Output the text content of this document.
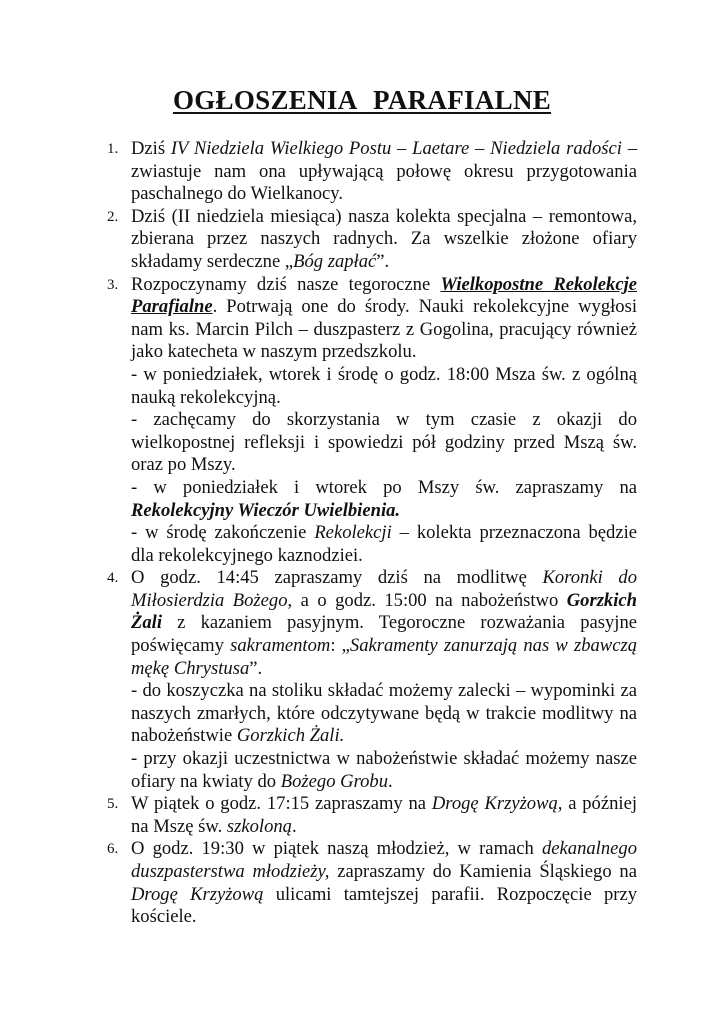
OGŁOSZENIA PARAFIALNE
1. Dziś IV Niedziela Wielkiego Postu – Laetare – Niedziela radości – zwiastuje nam ona upływającą połowę okresu przygotowania paschalnego do Wielkanocy.
2. Dziś (II niedziela miesiąca) nasza kolekta specjalna – remontowa, zbierana przez naszych radnych. Za wszelkie złożone ofiary składamy serdeczne „Bóg zapłać”.
3. Rozpoczynamy dziś nasze tegoroczne Wielkopostne Rekolekcje Parafialne. Potrwają one do środy. Nauki rekolekcyjne wygłosi nam ks. Marcin Pilch – duszpasterz z Gogolina, pracujący również jako katecheta w naszym przedszkolu.
- w poniedziałek, wtorek i środę o godz. 18:00 Msza św. z ogólną nauką rekolekcyjną.
- zachęcamy do skorzystania w tym czasie z okazji do wielkopostnej refleksji i spowiedzi pół godziny przed Mszą św. oraz po Mszy.
- w poniedziałek i wtorek po Mszy św. zapraszamy na Rekolekcyjny Wieczór Uwielbienia.
- w środę zakończenie Rekolekcji – kolekta przeznaczona będzie dla rekolekcyjnego kaznodziei.
4. O godz. 14:45 zapraszamy dziś na modlitwę Koronki do Miłosierdzia Bożego, a o godz. 15:00 na nabożeństwo Gorzkich Żali z kazaniem pasyjnym. Tegoroczne rozważania pasyjne poświęcamy sakramentom: „Sakramenty zanurzają nas w zbawczą mękę Chrystusa”.
- do koszyczka na stoliku składać możemy zalecki – wypominki za naszych zmarłych, które odczytywane będą w trakcie modlitwy na nabożeństwie Gorzkich Żali.
- przy okazji uczestnictwa w nabożeństwie składać możemy nasze ofiary na kwiaty do Bożego Grobu.
5. W piątek o godz. 17:15 zapraszamy na Drogę Krzyżową, a później na Mszę św. szkoloną.
6. O godz. 19:30 w piątek naszą młodzież, w ramach dekanalnego duszpasterstwa młodzieży, zapraszamy do Kamienia Śląskiego na Drogę Krzyżową ulicami tamtejszej parafii. Rozpoczęcie przy kościele.
